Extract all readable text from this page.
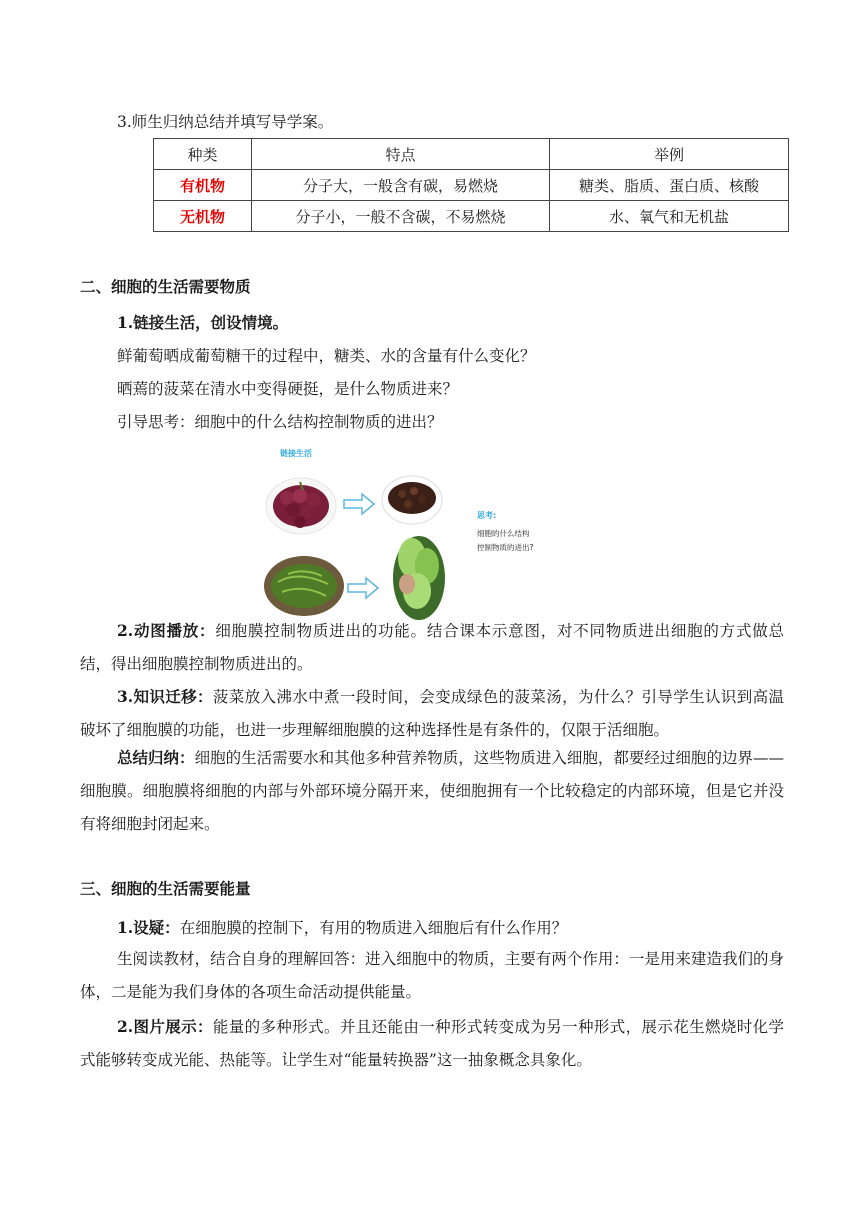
3.师生归纳总结并填写导学案。
种类	特点	举例
有机物	分子大，一般含有碳，易燃烧	糖类、脂质、蛋白质、核酸
无机物	分子小，一般不含碳，不易燃烧	水、氧气和无机盐
二、细胞的生活需要物质
1.链接生活，创设情境。
鲜葡萄晒成葡萄糖干的过程中，糖类、水的含量有什么变化？
晒蔫的菠菜在清水中变得硬挺，是什么物质进来？
引导思考：细胞中的什么结构控制物质的进出？
链接生活
思考:
细胞的什么结构
控制物质的进出?
2.动图播放：细胞膜控制物质进出的功能。结合课本示意图，对不同物质进出细胞的方式做总结，得出细胞膜控制物质进出的。
3.知识迁移：菠菜放入沸水中煮一段时间，会变成绿色的菠菜汤，为什么？引导学生认识到高温破坏了细胞膜的功能，也进一步理解细胞膜的这种选择性是有条件的，仅限于活细胞。
总结归纳：细胞的生活需要水和其他多种营养物质，这些物质进入细胞，都要经过细胞的边界——细胞膜。细胞膜将细胞的内部与外部环境分隔开来，使细胞拥有一个比较稳定的内部环境，但是它并没有将细胞封闭起来。
三、细胞的生活需要能量
1.设疑：在细胞膜的控制下，有用的物质进入细胞后有什么作用？
生阅读教材，结合自身的理解回答：进入细胞中的物质，主要有两个作用：一是用来建造我们的身体，二是能为我们身体的各项生命活动提供能量。
2.图片展示：能量的多种形式。并且还能由一种形式转变成为另一种形式，展示花生燃烧时化学式能够转变成光能、热能等。让学生对“能量转换器”这一抽象概念具象化。
